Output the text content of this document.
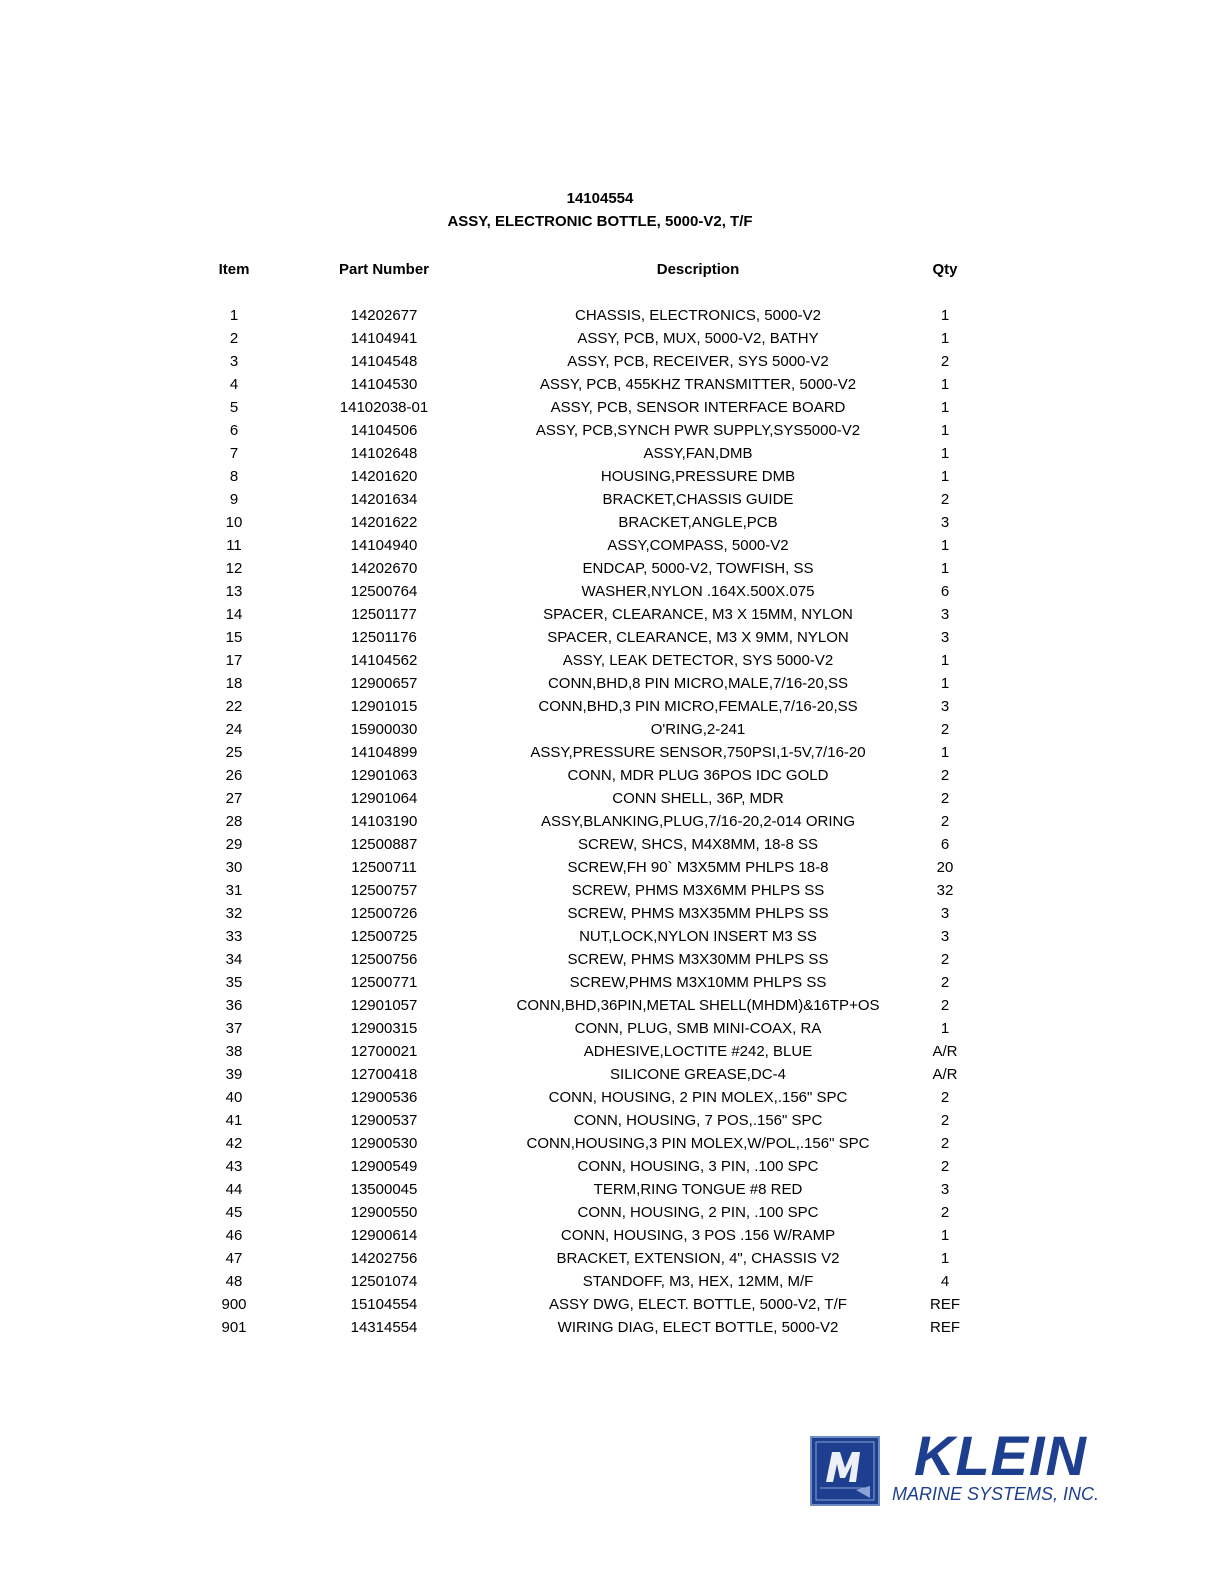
14104554
ASSY, ELECTRONIC BOTTLE, 5000-V2, T/F
Item	Part Number	Description	Qty
1	14202677	CHASSIS, ELECTRONICS, 5000-V2	1
2	14104941	ASSY, PCB, MUX, 5000-V2, BATHY	1
3	14104548	ASSY, PCB, RECEIVER, SYS 5000-V2	2
4	14104530	ASSY, PCB, 455KHZ TRANSMITTER, 5000-V2	1
5	14102038-01	ASSY, PCB, SENSOR INTERFACE BOARD	1
6	14104506	ASSY, PCB,SYNCH PWR SUPPLY,SYS5000-V2	1
7	14102648	ASSY,FAN,DMB	1
8	14201620	HOUSING,PRESSURE DMB	1
9	14201634	BRACKET,CHASSIS GUIDE	2
10	14201622	BRACKET,ANGLE,PCB	3
11	14104940	ASSY,COMPASS, 5000-V2	1
12	14202670	ENDCAP, 5000-V2, TOWFISH, SS	1
13	12500764	WASHER,NYLON .164X.500X.075	6
14	12501177	SPACER, CLEARANCE, M3 X 15MM, NYLON	3
15	12501176	SPACER, CLEARANCE, M3 X 9MM, NYLON	3
17	14104562	ASSY, LEAK DETECTOR, SYS 5000-V2	1
18	12900657	CONN,BHD,8 PIN MICRO,MALE,7/16-20,SS	1
22	12901015	CONN,BHD,3 PIN MICRO,FEMALE,7/16-20,SS	3
24	15900030	O'RING,2-241	2
25	14104899	ASSY,PRESSURE SENSOR,750PSI,1-5V,7/16-20	1
26	12901063	CONN, MDR PLUG 36POS IDC GOLD	2
27	12901064	CONN SHELL, 36P, MDR	2
28	14103190	ASSY,BLANKING,PLUG,7/16-20,2-014 ORING	2
29	12500887	SCREW, SHCS, M4X8MM, 18-8 SS	6
30	12500711	SCREW,FH 90` M3X5MM PHLPS 18-8	20
31	12500757	SCREW, PHMS M3X6MM PHLPS SS	32
32	12500726	SCREW, PHMS M3X35MM PHLPS SS	3
33	12500725	NUT,LOCK,NYLON INSERT M3 SS	3
34	12500756	SCREW, PHMS M3X30MM PHLPS SS	2
35	12500771	SCREW,PHMS M3X10MM PHLPS SS	2
36	12901057	CONN,BHD,36PIN,METAL SHELL(MHDM)&16TP+OS	2
37	12900315	CONN, PLUG, SMB MINI-COAX, RA	1
38	12700021	ADHESIVE,LOCTITE #242, BLUE	A/R
39	12700418	SILICONE GREASE,DC-4	A/R
40	12900536	CONN, HOUSING, 2 PIN MOLEX,.156" SPC	2
41	12900537	CONN, HOUSING, 7 POS,.156" SPC	2
42	12900530	CONN,HOUSING,3 PIN MOLEX,W/POL,.156" SPC	2
43	12900549	CONN, HOUSING, 3 PIN, .100 SPC	2
44	13500045	TERM,RING TONGUE #8 RED	3
45	12900550	CONN, HOUSING, 2 PIN, .100 SPC	2
46	12900614	CONN, HOUSING, 3 POS .156 W/RAMP	1
47	14202756	BRACKET, EXTENSION, 4", CHASSIS V2	1
48	12501074	STANDOFF, M3, HEX, 12MM, M/F	4
900	15104554	ASSY DWG, ELECT. BOTTLE, 5000-V2, T/F	REF
901	14314554	WIRING DIAG, ELECT BOTTLE, 5000-V2	REF
KLEIN
MARINE SYSTEMS, INC.
